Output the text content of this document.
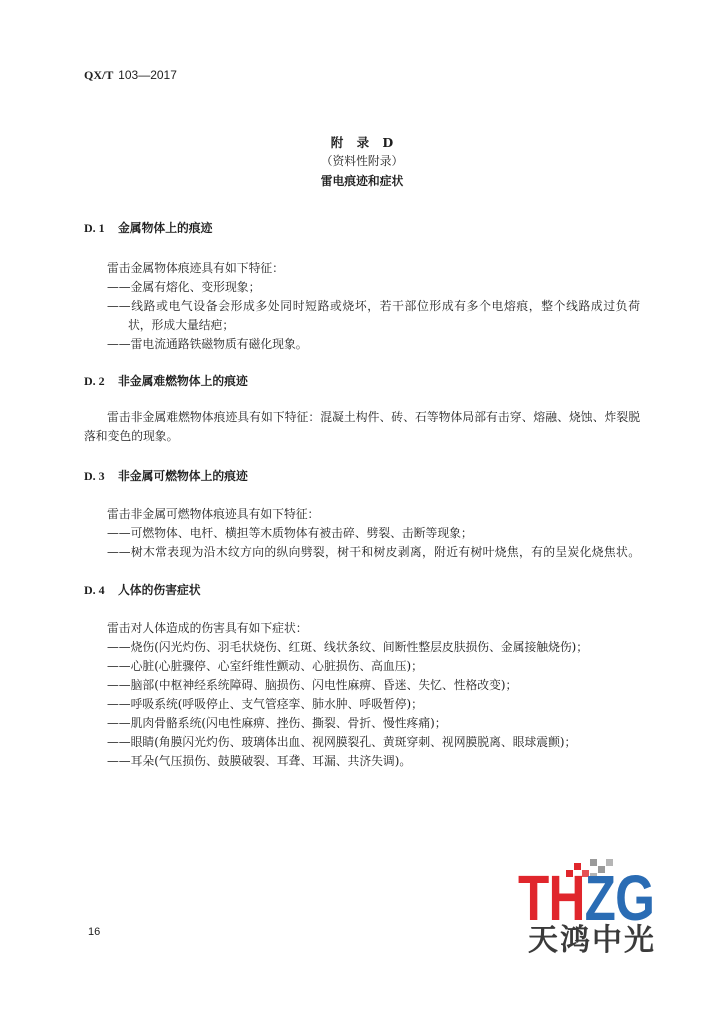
QX/T 103—2017
附 录 D
（资料性附录）
雷电痕迹和症状
D. 1 金属物体上的痕迹
雷击金属物体痕迹具有如下特征：
——金属有熔化、变形现象；
——线路或电气设备会形成多处同时短路或烧坏，若干部位形成有多个电熔痕，整个线路成过负荷
状，形成大量结疤；
——雷电流通路铁磁物质有磁化现象。
D. 2 非金属难燃物体上的痕迹
雷击非金属难燃物体痕迹具有如下特征：混凝土构件、砖、石等物体局部有击穿、熔融、烧蚀、炸裂脱
落和变色的现象。
D. 3 非金属可燃物体上的痕迹
雷击非金属可燃物体痕迹具有如下特征：
——可燃物体、电杆、横担等木质物体有被击碎、劈裂、击断等现象；
——树木常表现为沿木纹方向的纵向劈裂，树干和树皮剥离，附近有树叶烧焦，有的呈炭化烧焦状。
D. 4 人体的伤害症状
雷击对人体造成的伤害具有如下症状：
——烧伤(闪光灼伤、羽毛状烧伤、红斑、线状条纹、间断性整层皮肤损伤、金属接触烧伤)；
——心脏(心脏骤停、心室纤维性颤动、心脏损伤、高血压)；
——脑部(中枢神经系统障碍、脑损伤、闪电性麻痹、昏迷、失忆、性格改变)；
——呼吸系统(呼吸停止、支气管痉挛、肺水肿、呼吸暂停)；
——肌肉骨骼系统(闪电性麻痹、挫伤、撕裂、骨折、慢性疼痛)；
——眼睛(角膜闪光灼伤、玻璃体出血、视网膜裂孔、黄斑穿刺、视网膜脱离、眼球震颤)；
——耳朵(气压损伤、鼓膜破裂、耳聋、耳漏、共济失调)。
16	THZG
天鸿中光
